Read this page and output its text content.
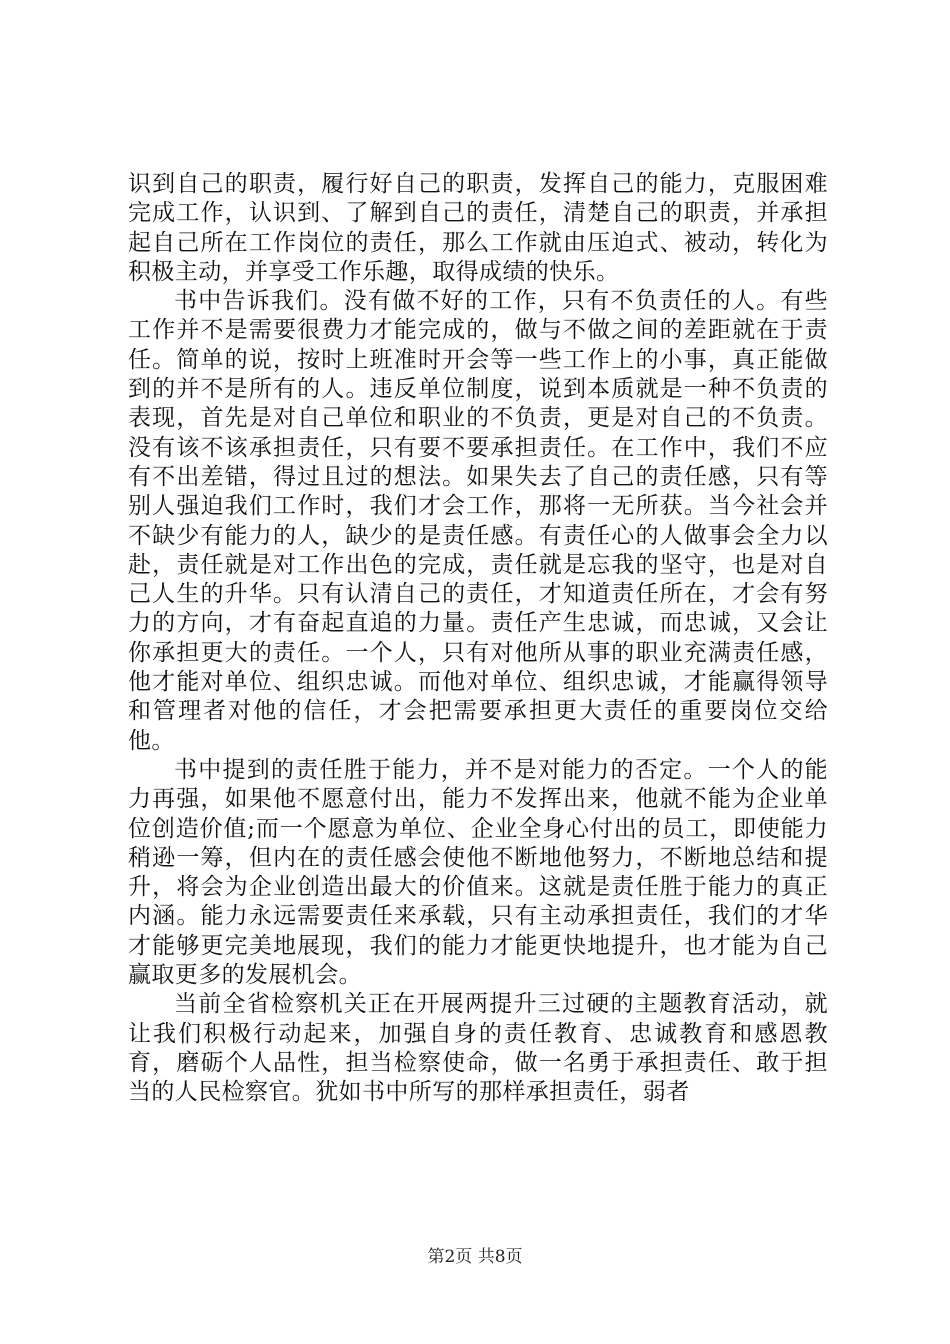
识到自己的职责，履行好自己的职责，发挥自己的能力，克服困难完成工作，认识到、了解到自己的责任，清楚自己的职责，并承担起自己所在工作岗位的责任，那么工作就由压迫式、被动，转化为积极主动，并享受工作乐趣，取得成绩的快乐。

书中告诉我们。没有做不好的工作，只有不负责任的人。有些工作并不是需要很费力才能完成的，做与不做之间的差距就在于责任。简单的说，按时上班准时开会等一些工作上的小事，真正能做到的并不是所有的人。违反单位制度，说到本质就是一种不负责的表现，首先是对自己单位和职业的不负责，更是对自己的不负责。没有该不该承担责任，只有要不要承担责任。在工作中，我们不应有不出差错，得过且过的想法。如果失去了自己的责任感，只有等别人强迫我们工作时，我们才会工作，那将一无所获。当今社会并不缺少有能力的人，缺少的是责任感。有责任心的人做事会全力以赴，责任就是对工作出色的完成，责任就是忘我的坚守，也是对自己人生的升华。只有认清自己的责任，才知道责任所在，才会有努力的方向，才有奋起直追的力量。责任产生忠诚，而忠诚，又会让你承担更大的责任。一个人，只有对他所从事的职业充满责任感，他才能对单位、组织忠诚。而他对单位、组织忠诚，才能赢得领导和管理者对他的信任，才会把需要承担更大责任的重要岗位交给他。

书中提到的责任胜于能力，并不是对能力的否定。一个人的能力再强，如果他不愿意付出，能力不发挥出来，他就不能为企业单位创造价值;而一个愿意为单位、企业全身心付出的员工，即使能力稍逊一筹，但内在的责任感会使他不断地他努力，不断地总结和提升，将会为企业创造出最大的价值来。这就是责任胜于能力的真正内涵。能力永远需要责任来承载，只有主动承担责任，我们的才华才能够更完美地展现，我们的能力才能更快地提升，也才能为自己赢取更多的发展机会。

当前全省检察机关正在开展两提升三过硬的主题教育活动，就让我们积极行动起来，加强自身的责任教育、忠诚教育和感恩教育，磨砺个人品性，担当检察使命，做一名勇于承担责任、敢于担当的人民检察官。犹如书中所写的那样承担责任，弱者

第2页 共8页
